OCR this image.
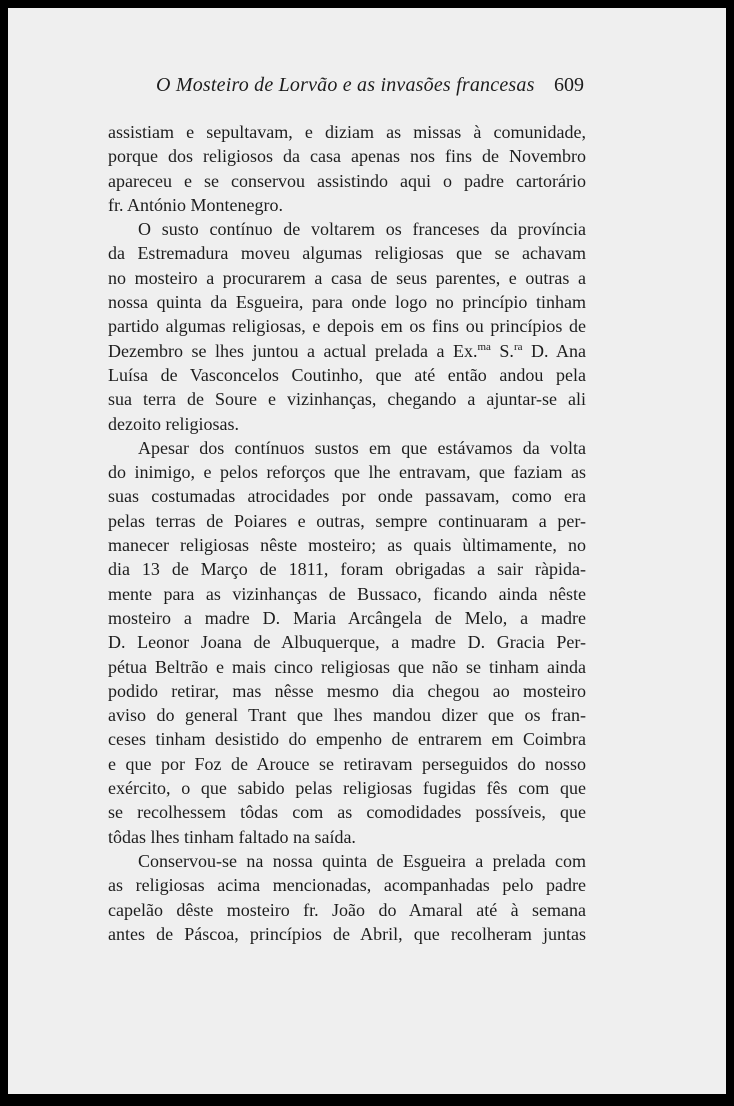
O Mosteiro de Lorvão e as invasões francesas 609
assistiam e sepultavam, e diziam as missas à comunidade,
porque dos religiosos da casa apenas nos fins de Novembro
apareceu e se conservou assistindo aqui o padre cartorário
fr. António Montenegro.
O susto contínuo de voltarem os franceses da província
da Estremadura moveu algumas religiosas que se achavam
no mosteiro a procurarem a casa de seus parentes, e outras a
nossa quinta da Esgueira, para onde logo no princípio tinham
partido algumas religiosas, e depois em os fins ou princípios de
Dezembro se lhes juntou a actual prelada a Ex.$^{ma}$ S.$^{ra}$ D. Ana
Luísa de Vasconcelos Coutinho, que até então andou pela
sua terra de Soure e vizinhanças, chegando a ajuntar-se ali
dezoito religiosas.
Apesar dos contínuos sustos em que estávamos da volta
do inimigo, e pelos reforços que lhe entravam, que faziam as
suas costumadas atrocidades por onde passavam, como era
pelas terras de Poiares e outras, sempre continuaram a per-
manecer religiosas nêste mosteiro; as quais ùltimamente, no
dia 13 de Março de 1811, foram obrigadas a sair ràpida-
mente para as vizinhanças de Bussaco, ficando ainda nêste
mosteiro a madre D. Maria Arcângela de Melo, a madre
D. Leonor Joana de Albuquerque, a madre D. Gracia Per-
pétua Beltrão e mais cinco religiosas que não se tinham ainda
podido retirar, mas nêsse mesmo dia chegou ao mosteiro
aviso do general Trant que lhes mandou dizer que os fran-
ceses tinham desistido do empenho de entrarem em Coimbra
e que por Foz de Arouce se retiravam perseguidos do nosso
exército, o que sabido pelas religiosas fugidas fês com que
se recolhessem tôdas com as comodidades possíveis, que
tôdas lhes tinham faltado na saída.
Conservou-se na nossa quinta de Esgueira a prelada com
as religiosas acima mencionadas, acompanhadas pelo padre
capelão dêste mosteiro fr. João do Amaral até à semana
antes de Páscoa, princípios de Abril, que recolheram juntas
